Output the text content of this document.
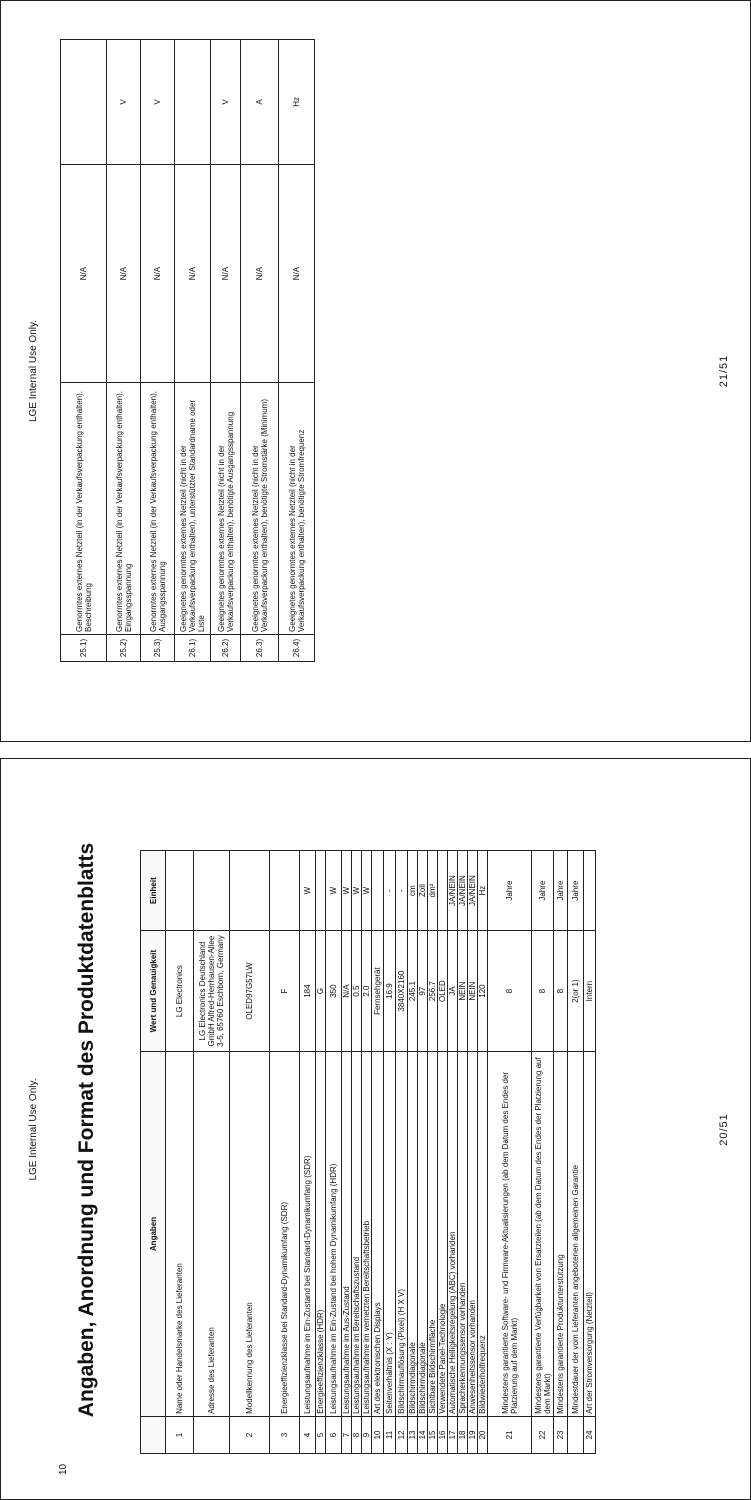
LGE Internal Use Only.
10
Angaben, Anordnung und Format des Produktdatenblatts
		Angaben	Wert und Genauigkeit	Einheit
1	Name oder Handelsmarke des Lieferanten	LG Electronics	
	Adresse des Lieferanten	LG Electronics Deutschland GmbH Alfred-Herrhausen-Allee 3-5, 65760 Eschborn, Germany	
2	Modellkennung des Lieferanten	OLED97G57LW	
3	Energieeffizienzklasse bei Standard-Dynamikumfang (SDR)	F	
4	Leistungsaufnahme im Ein-Zustand bei Standard-Dynamikumfang (SDR)	184	W
5	Energieeffizienzklasse (HDR)	G	
6	Leistungsaufnahme im Ein-Zustand bei hohem Dynamikumfang (HDR)	350	W
7	Leistungsaufnahme im Aus-Zustand	N/A	W
8	Leistungsaufnahme im Bereitschaftszustand	0.5	W
9	Leistungsaufnahme im vernetzten Bereitschaftsbetrieb	2.0	W
10	Art des elektronischen Displays	Fernsehgerät	
11	Seitenverhältnis (X : Y)	16:9	-
12	Bildschirmauflösung (Pixel) (H X V)	3840X2160	-
13	Bildschirmdiagonale	245.1	cm
14	Bildschirmdiagonale	97	Zoll
15	Sichtbare Bildschirmfläche	256.7	dm²
16	Verwendete Panel-Technologie	OLED	
17	Automatische Helligkeitsregelung (ABC) vorhanden	JA	JA/NEIN
18	Spracherkennungssensor vorhanden	NEIN	JA/NEIN
19	Anwesenheitssensor vorhanden	NEIN	JA/NEIN
20	Bildwiederholfrequenz	120	Hz
21	Mindestens garantierte Software- und Firmware-Aktualisierungen (ab dem Datum des Endes der Platzierung auf dem Markt)	8	Jahre
22	Mindestens garantierte Verfügbarkeit von Ersatzteilen (ab dem Datum des Endes der Platzierung auf dem Markt)	8	Jahre
23	Mindestens garantierte Produktunterstützung	8	Jahre
	Mindestdauer der vom Lieferanten angebotenen allgemeinen Garantie	2(or 1)	Jahre
24	Art der Stromversorgung (Netzteil)	Intern	
20/51
LGE Internal Use Only.
25.1)	Genormtes externes Netzteil (in der Verkaufsverpackung enthalten), Beschreibung	N/A	
25.2)	Genormtes externes Netzteil (in der Verkaufsverpackung enthalten), Eingangsspannung	N/A	V
25.3)	Genormtes externes Netzteil (in der Verkaufsverpackung enthalten), Ausgangsspannung	N/A	V
26.1)	Geeignetes genormtes externes Netzteil (nicht in der Verkaufsverpackung enthalten), unterstützter Standardname oder Liste	N/A	
26.2)	Geeignetes genormtes externes Netzteil (nicht in der Verkaufsverpackung enthalten), benötigte Ausgangsspannung	N/A	V
26.3)	Geeignetes genormtes externes Netzteil (nicht in der Verkaufsverpackung enthalten), benötigte Stromstärke (Minimum)	N/A	A
26.4)	Geeignetes genormtes externes Netzteil (nicht in der Verkaufsverpackung enthalten), benötigte Stromfrequenz	N/A	Hz
21/51
